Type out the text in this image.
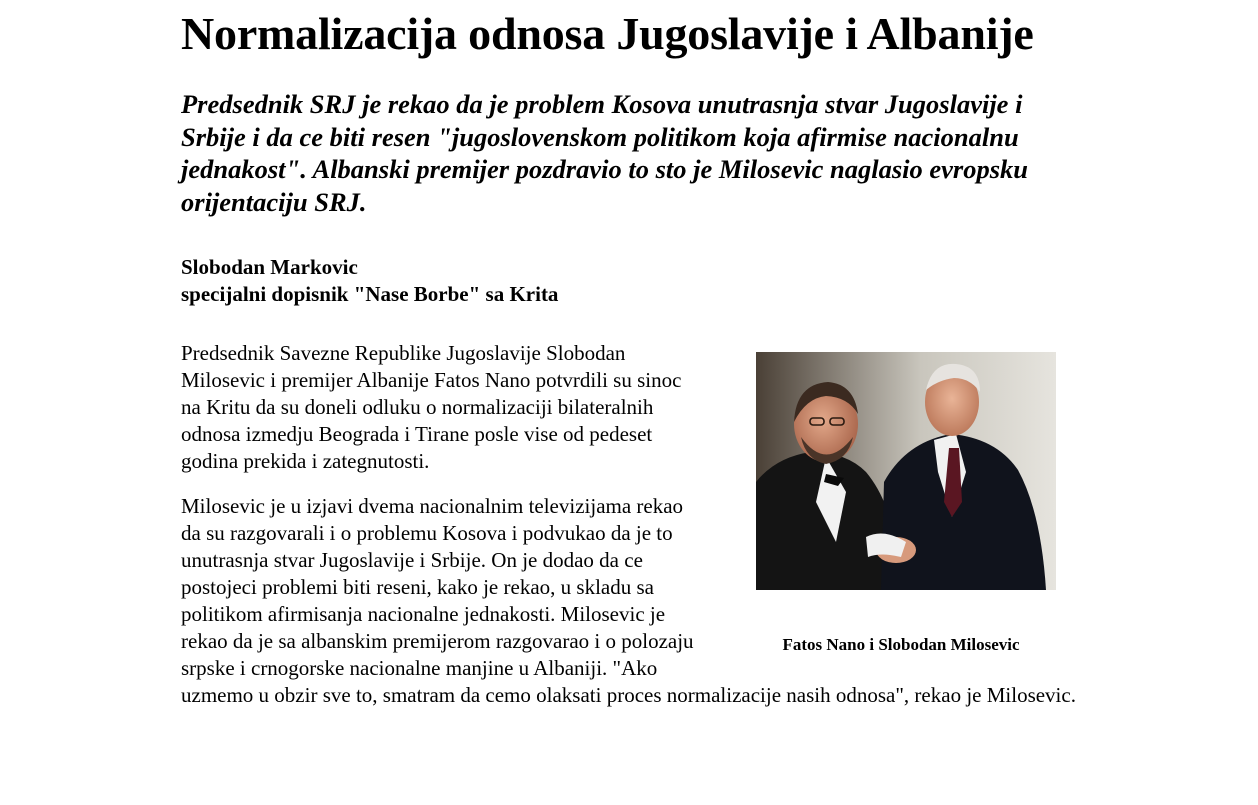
Normalizacija odnosa Jugoslavije i Albanije
Predsednik SRJ je rekao da je problem Kosova unutrasnja stvar Jugoslavije i Srbije i da ce biti resen "jugoslovenskom politikom koja afirmise nacionalnu jednakost". Albanski premijer pozdravio to sto je Milosevic naglasio evropsku orijentaciju SRJ.
Slobodan Markovic
specijalni dopisnik "Nase Borbe" sa Krita
Fatos Nano i Slobodan Milosevic

Predsednik Savezne Republike Jugoslavije Slobodan Milosevic i premijer Albanije Fatos Nano potvrdili su sinoc na Kritu da su doneli odluku o normalizaciji bilateralnih odnosa izmedju Beograda i Tirane posle vise od pedeset godina prekida i zategnutosti.

Milosevic je u izjavi dvema nacionalnim televizijama rekao da su razgovarali i o problemu Kosova i podvukao da je to unutrasnja stvar Jugoslavije i Srbije. On je dodao da ce postojeci problemi biti reseni, kako je rekao, u skladu sa politikom afirmisanja nacionalne jednakosti. Milosevic je rekao da je sa albanskim premijerom razgovarao i o polozaju srpske i crnogorske nacionalne manjine u Albaniji. "Ako uzmemo u obzir sve to, smatram da cemo olaksati proces normalizacije nasih odnosa", rekao je Milosevic.
